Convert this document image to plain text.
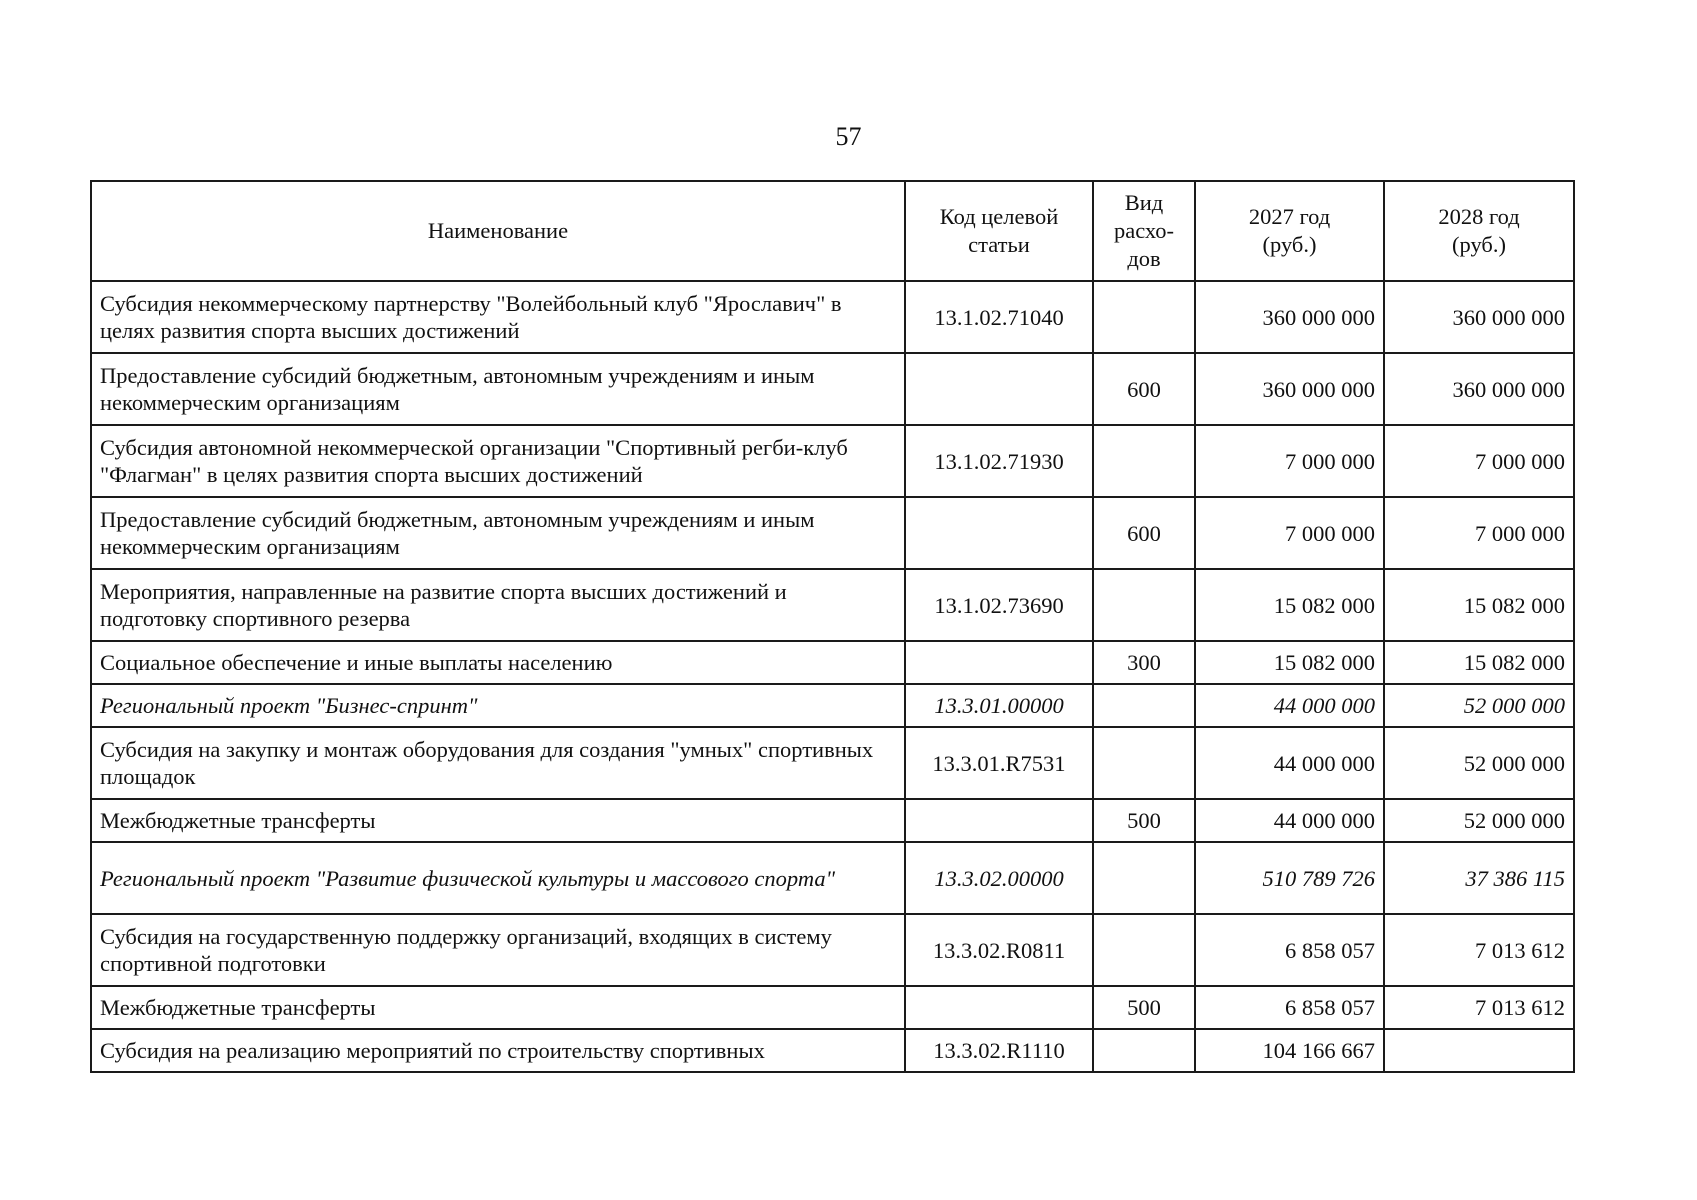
57
Наименование	Код целевой статьи	Вид расхо-дов	2027 год (руб.)	2028 год (руб.)
Субсидия некоммерческому партнерству "Волейбольный клуб "Ярославич" в целях развития спорта высших достижений	13.1.02.71040		360 000 000	360 000 000
Предоставление субсидий бюджетным, автономным учреждениям и иным некоммерческим организациям		600	360 000 000	360 000 000
Субсидия автономной некоммерческой организации "Спортивный регби-клуб "Флагман" в целях развития спорта высших достижений	13.1.02.71930		7 000 000	7 000 000
Предоставление субсидий бюджетным, автономным учреждениям и иным некоммерческим организациям		600	7 000 000	7 000 000
Мероприятия, направленные на развитие спорта высших достижений и подготовку спортивного резерва	13.1.02.73690		15 082 000	15 082 000
Социальное обеспечение и иные выплаты населению		300	15 082 000	15 082 000
Региональный проект "Бизнес-спринт"	13.3.01.00000		44 000 000	52 000 000
Субсидия на закупку и монтаж оборудования для создания "умных" спортивных площадок	13.3.01.R7531		44 000 000	52 000 000
Межбюджетные трансферты		500	44 000 000	52 000 000
Региональный проект "Развитие физической культуры и массового спорта"	13.3.02.00000		510 789 726	37 386 115
Субсидия на государственную поддержку организаций, входящих в систему спортивной подготовки	13.3.02.R0811		6 858 057	7 013 612
Межбюджетные трансферты		500	6 858 057	7 013 612
Субсидия на реализацию мероприятий по строительству спортивных	13.3.02.R1110		104 166 667	
